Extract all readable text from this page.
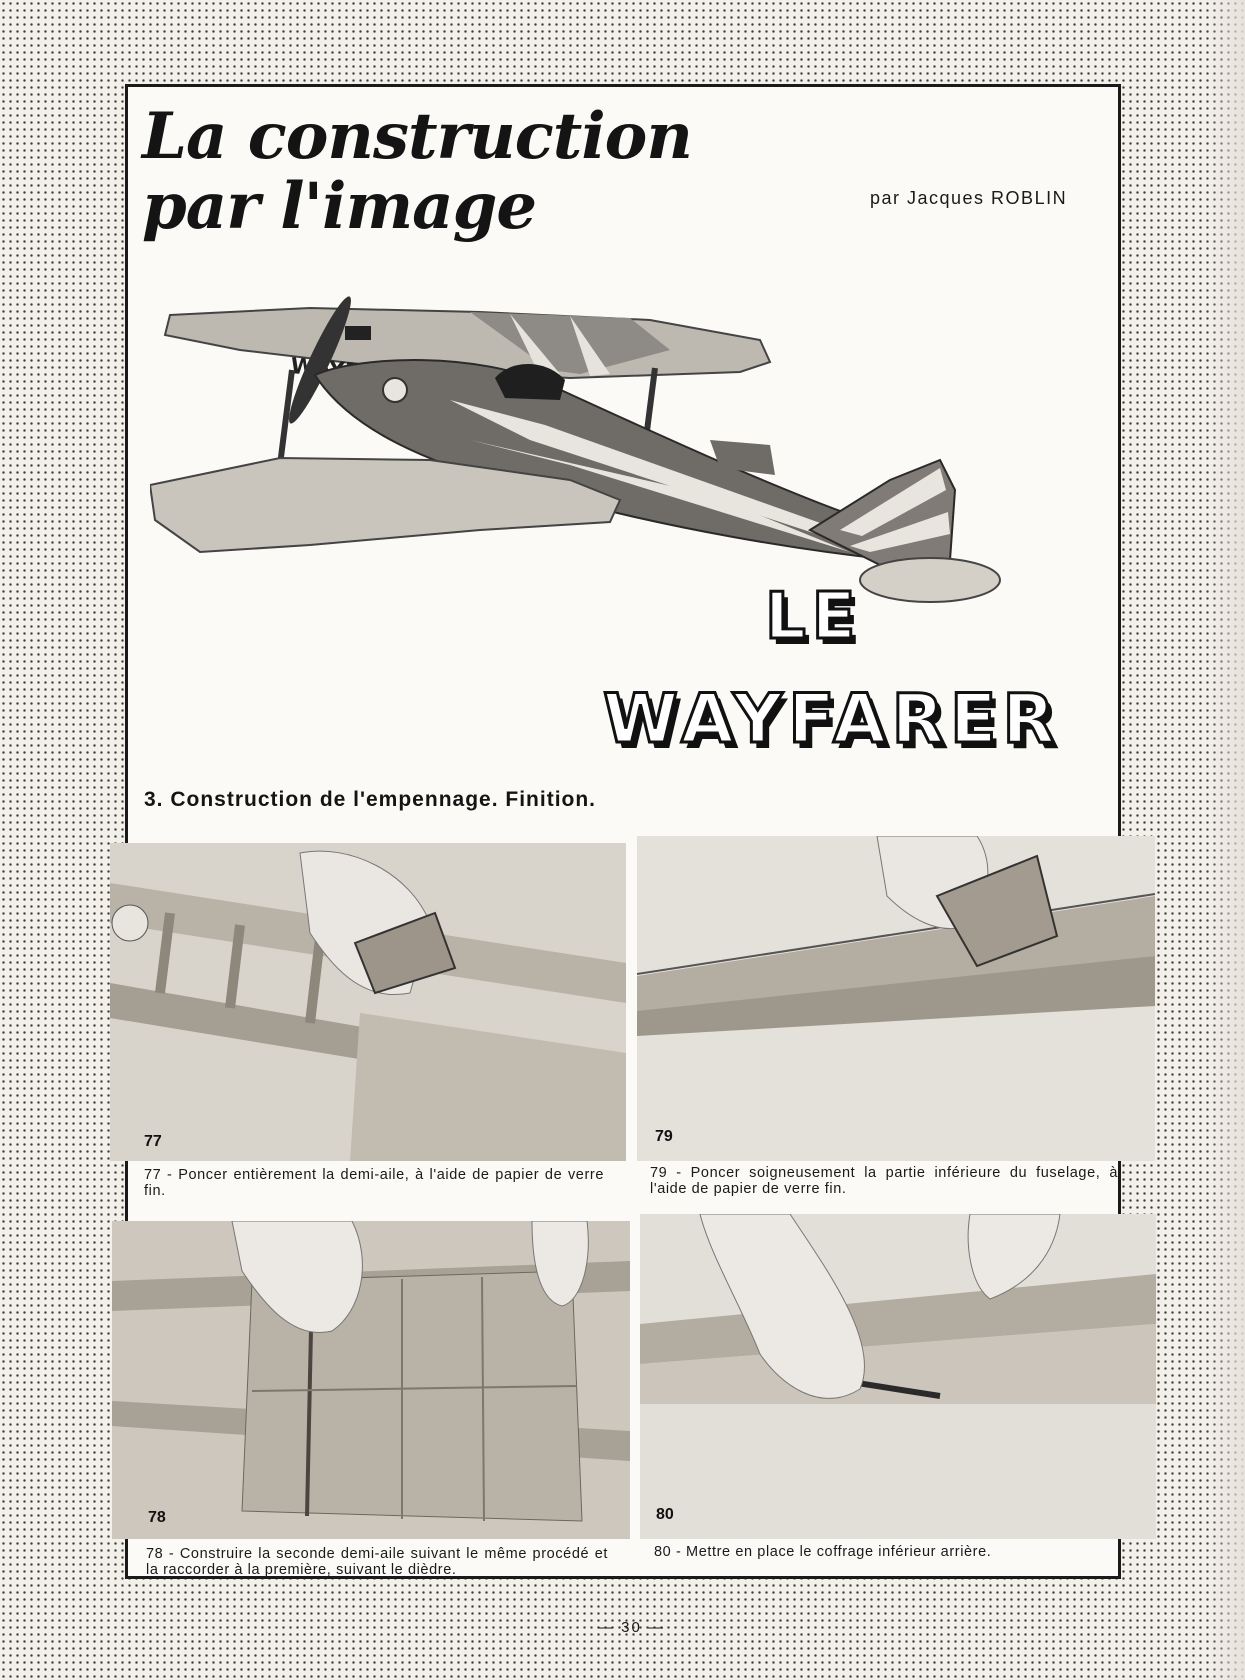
La construction
par l'image	par Jacques ROBLIN
LE
WAYFARER
3. Construction de l'empennage. Finition.
77
77 - Poncer entièrement la demi-aile, à l'aide de papier de verre fin.
79
79 - Poncer soigneusement la partie inférieure du fuselage, à l'aide de papier de verre fin.
78
78 - Construire la seconde demi-aile suivant le même procédé et la raccorder à la première, suivant le dièdre.
80
80 - Mettre en place le coffrage inférieur arrière.
— 30 —
